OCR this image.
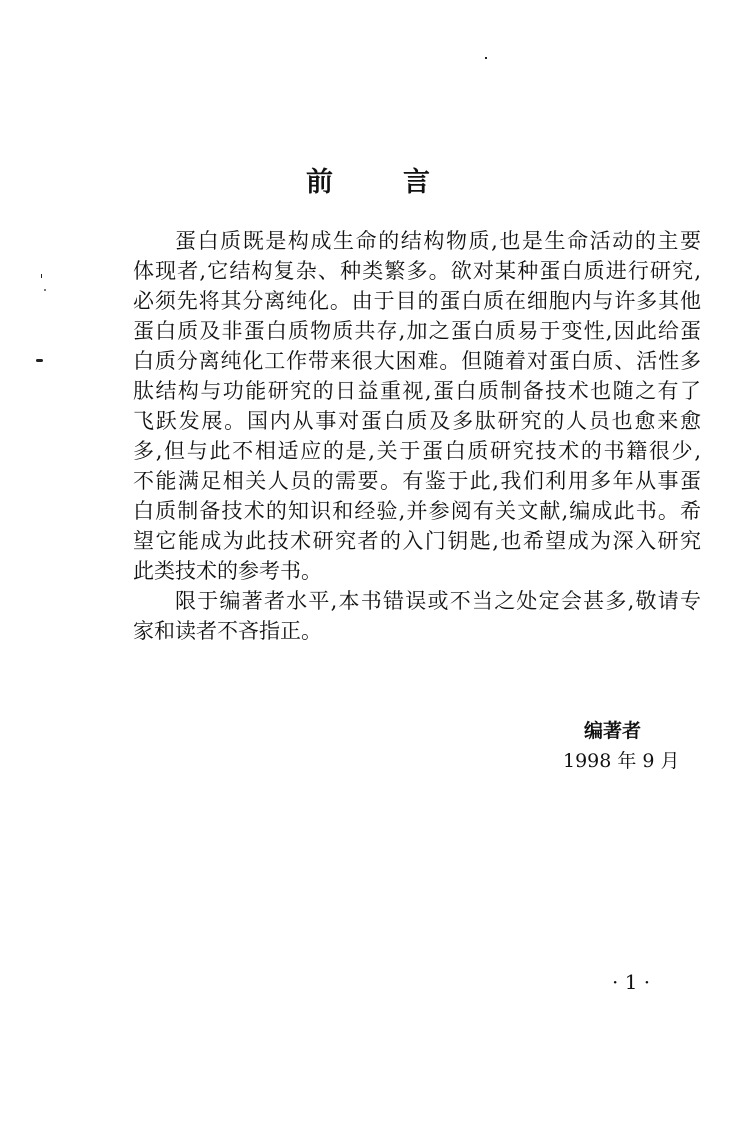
前	言
蛋白质既是构成生命的结构物质,也是生命活动的主要
体现者,它结构复杂、种类繁多。欲对某种蛋白质进行研究,
必须先将其分离纯化。由于目的蛋白质在细胞内与许多其他
蛋白质及非蛋白质物质共存,加之蛋白质易于变性,因此给蛋
白质分离纯化工作带来很大困难。但随着对蛋白质、活性多
肽结构与功能研究的日益重视,蛋白质制备技术也随之有了
飞跃发展。国内从事对蛋白质及多肽研究的人员也愈来愈
多,但与此不相适应的是,关于蛋白质研究技术的书籍很少,
不能满足相关人员的需要。有鉴于此,我们利用多年从事蛋
白质制备技术的知识和经验,并参阅有关文献,编成此书。希
望它能成为此技术研究者的入门钥匙,也希望成为深入研究
此类技术的参考书。
限于编著者水平,本书错误或不当之处定会甚多,敬请专
家和读者不吝指正。
编著者
1998 年 9 月
· 1 ·
